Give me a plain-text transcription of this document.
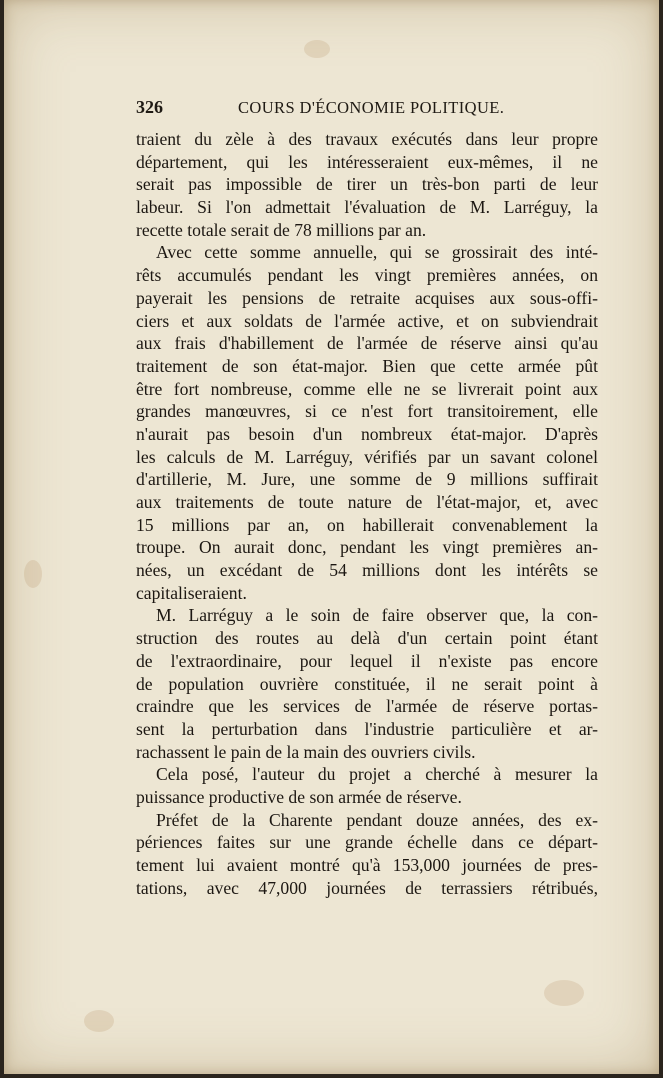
326	COURS D'ÉCONOMIE POLITIQUE.
traient du zèle à des travaux exécutés dans leur propre
département, qui les intéresseraient eux-mêmes, il ne
serait pas impossible de tirer un très-bon parti de leur
labeur. Si l'on admettait l'évaluation de M. Larréguy, la
recette totale serait de 78 millions par an.
Avec cette somme annuelle, qui se grossirait des inté-
rêts accumulés pendant les vingt premières années, on
payerait les pensions de retraite acquises aux sous-offi-
ciers et aux soldats de l'armée active, et on subviendrait
aux frais d'habillement de l'armée de réserve ainsi qu'au
traitement de son état-major. Bien que cette armée pût
être fort nombreuse, comme elle ne se livrerait point aux
grandes manœuvres, si ce n'est fort transitoirement, elle
n'aurait pas besoin d'un nombreux état-major. D'après
les calculs de M. Larréguy, vérifiés par un savant colonel
d'artillerie, M. Jure, une somme de 9 millions suffirait
aux traitements de toute nature de l'état-major, et, avec
15 millions par an, on habillerait convenablement la
troupe. On aurait donc, pendant les vingt premières an-
nées, un excédant de 54 millions dont les intérêts se
capitaliseraient.
M. Larréguy a le soin de faire observer que, la con-
struction des routes au delà d'un certain point étant
de l'extraordinaire, pour lequel il n'existe pas encore
de population ouvrière constituée, il ne serait point à
craindre que les services de l'armée de réserve portas-
sent la perturbation dans l'industrie particulière et ar-
rachassent le pain de la main des ouvriers civils.
Cela posé, l'auteur du projet a cherché à mesurer la
puissance productive de son armée de réserve.
Préfet de la Charente pendant douze années, des ex-
périences faites sur une grande échelle dans ce départ-
tement lui avaient montré qu'à 153,000 journées de pres-
tations, avec 47,000 journées de terrassiers rétribués,
